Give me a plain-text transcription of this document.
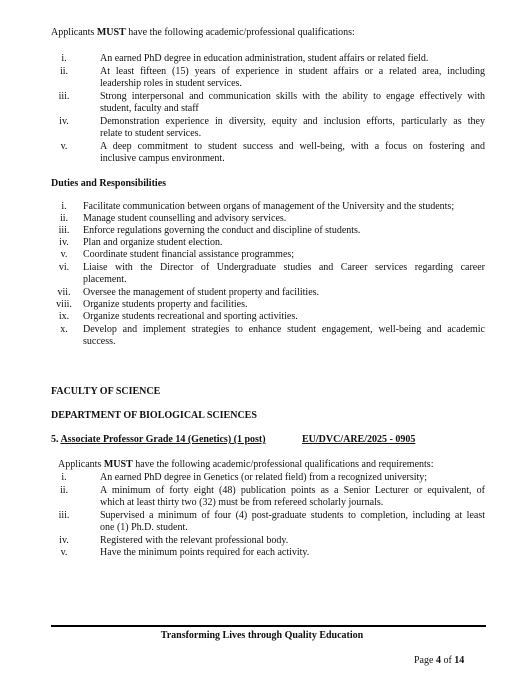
Applicants MUST have the following academic/professional qualifications:
i.	An earned PhD degree in education administration, student affairs or related field.
ii.	At least fifteen (15) years of experience in student affairs or a related area, including
leadership roles in student services.
iii.	Strong interpersonal and communication skills with the ability to engage effectively with
student, faculty and staff
iv.	Demonstration experience in diversity, equity and inclusion efforts, particularly as they
relate to student services.
v.	A deep commitment to student success and well-being, with a focus on fostering and
inclusive campus environment.
Duties and Responsibilities
i.	Facilitate communication between organs of management of the University and the students;
ii.	Manage student counselling and advisory services.
iii.	Enforce regulations governing the conduct and discipline of students.
iv.	Plan and organize student election.
v.	Coordinate student financial assistance programmes;
vi.	Liaise with the Director of Undergraduate studies and Career services regarding career
placement.
vii.	Oversee the management of student property and facilities.
viii.	Organize students property and facilities.
ix.	Organize students recreational and sporting activities.
x.	Develop and implement strategies to enhance student engagement, well-being and academic
success.
FACULTY OF SCIENCE
DEPARTMENT OF BIOLOGICAL SCIENCES
5. Associate Professor Grade 14 (Genetics) (1 post)	EU/DVC/ARE/2025 - 0905
Applicants MUST have the following academic/professional qualifications and requirements:
i.	An earned PhD degree in Genetics (or related field) from a recognized university;
ii.	A minimum of forty eight (48) publication points as a Senior Lecturer or equivalent, of
which at least thirty two (32) must be from refereed scholarly journals.
iii.	Supervised a minimum of four (4) post-graduate students to completion, including at least
one (1) Ph.D. student.
iv.	Registered with the relevant professional body.
v.	Have the minimum points required for each activity.
Transforming Lives through Quality Education
Page 4 of 14
